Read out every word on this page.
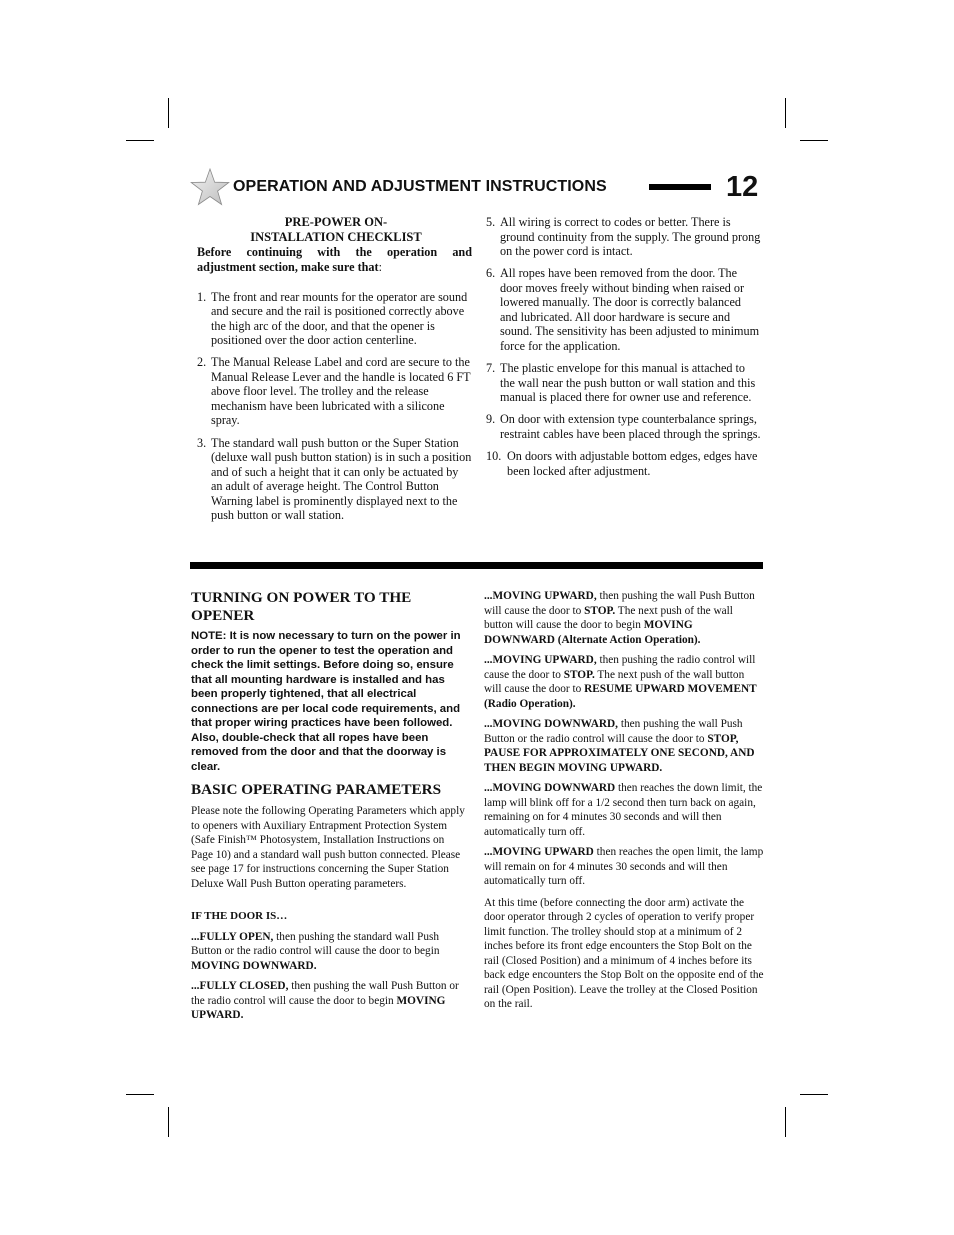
OPERATION AND ADJUSTMENT INSTRUCTIONS	12
PRE-POWER ON-
INSTALLATION CHECKLIST
Before continuing with the operation and adjustment section, make sure that:
1. The front and rear mounts for the operator are sound and secure and the rail is positioned correctly above the high arc of the door, and that the opener is positioned over the door action centerline.
2. The Manual Release Label and cord are secure to the Manual Release Lever and the handle is located 6 FT above floor level. The trolley and the release mechanism have been lubricated with a silicone spray.
3. The standard wall push button or the Super Station (deluxe wall push button station) is in such a position and of such a height that it can only be actuated by an adult of average height. The Control Button Warning label is prominently displayed next to the push button or wall station.
5. All wiring is correct to codes or better. There is ground continuity from the supply. The ground prong on the power cord is intact.
6. All ropes have been removed from the door. The door moves freely without binding when raised or lowered manually. The door is correctly balanced and lubricated. All door hardware is secure and sound. The sensitivity has been adjusted to minimum force for the application.
7. The plastic envelope for this manual is attached to the wall near the push button or wall station and this manual is placed there for owner use and reference.
9. On door with extension type counterbalance springs, restraint cables have been placed through the springs.
10. On doors with adjustable bottom edges, edges have been locked after adjustment.
TURNING ON POWER TO THE OPENER
NOTE: It is now necessary to turn on the power in order to run the opener to test the operation and check the limit settings. Before doing so, ensure that all mounting hardware is installed and has been properly tightened, that all electrical connections are per local code requirements, and that proper wiring practices have been followed. Also, double-check that all ropes have been removed from the door and that the doorway is clear.
BASIC OPERATING PARAMETERS
Please note the following Operating Parameters which apply to openers with Auxiliary Entrapment Protection System (Safe Finish™ Photosystem, Installation Instructions on Page 10) and a standard wall push button connected. Please see page 17 for instructions concerning the Super Station Deluxe Wall Push Button operating parameters.
IF THE DOOR IS…
...FULLY OPEN, then pushing the standard wall Push Button or the radio control will cause the door to begin MOVING DOWNWARD.
...FULLY CLOSED, then pushing the wall Push Button or the radio control will cause the door to begin MOVING UPWARD.
...MOVING UPWARD, then pushing the wall Push Button will cause the door to STOP. The next push of the wall button will cause the door to begin MOVING DOWNWARD (Alternate Action Operation).
...MOVING UPWARD, then pushing the radio control will cause the door to STOP. The next push of the wall button will cause the door to RESUME UPWARD MOVEMENT (Radio Operation).
...MOVING DOWNWARD, then pushing the wall Push Button or the radio control will cause the door to STOP, PAUSE FOR APPROXIMATELY ONE SECOND, AND THEN BEGIN MOVING UPWARD.
...MOVING DOWNWARD then reaches the down limit, the lamp will blink off for a 1/2 second then turn back on again, remaining on for 4 minutes 30 seconds and will then automatically turn off.
...MOVING UPWARD then reaches the open limit, the lamp will remain on for 4 minutes 30 seconds and will then automatically turn off.
At this time (before connecting the door arm) activate the door operator through 2 cycles of operation to verify proper limit function. The trolley should stop at a minimum of 2 inches before its front edge encounters the Stop Bolt on the rail (Closed Position) and a minimum of 4 inches before its back edge encounters the Stop Bolt on the opposite end of the rail (Open Position). Leave the trolley at the Closed Position on the rail.
